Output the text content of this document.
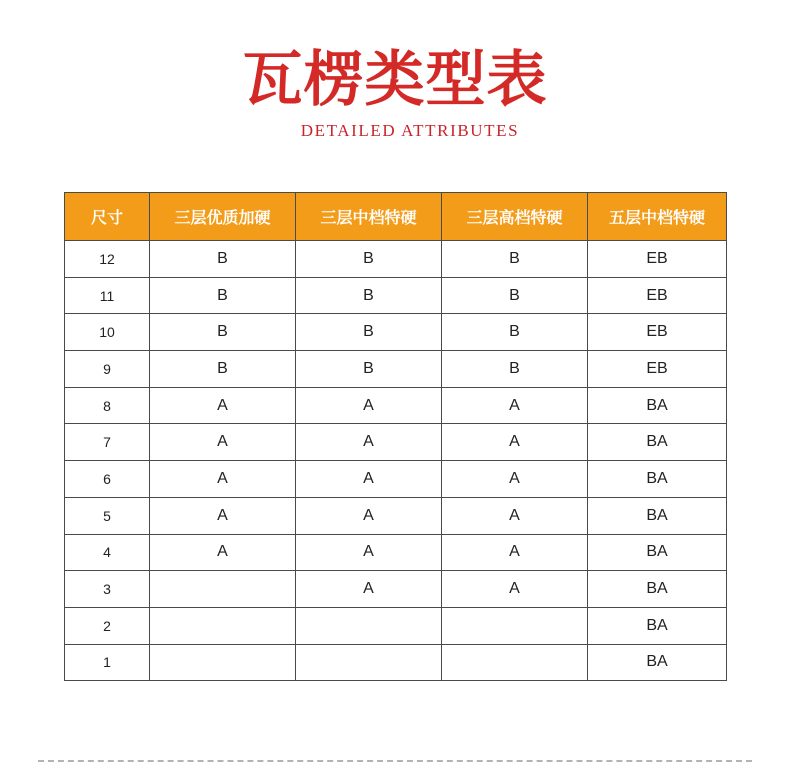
瓦楞类型表
DETAILED ATTRIBUTES
尺寸	三层优质加硬	三层中档特硬	三层高档特硬	五层中档特硬
12	B	B	B	EB
11	B	B	B	EB
10	B	B	B	EB
9	B	B	B	EB
8	A	A	A	BA
7	A	A	A	BA
6	A	A	A	BA
5	A	A	A	BA
4	A	A	A	BA
3		A	A	BA
2				BA
1				BA
